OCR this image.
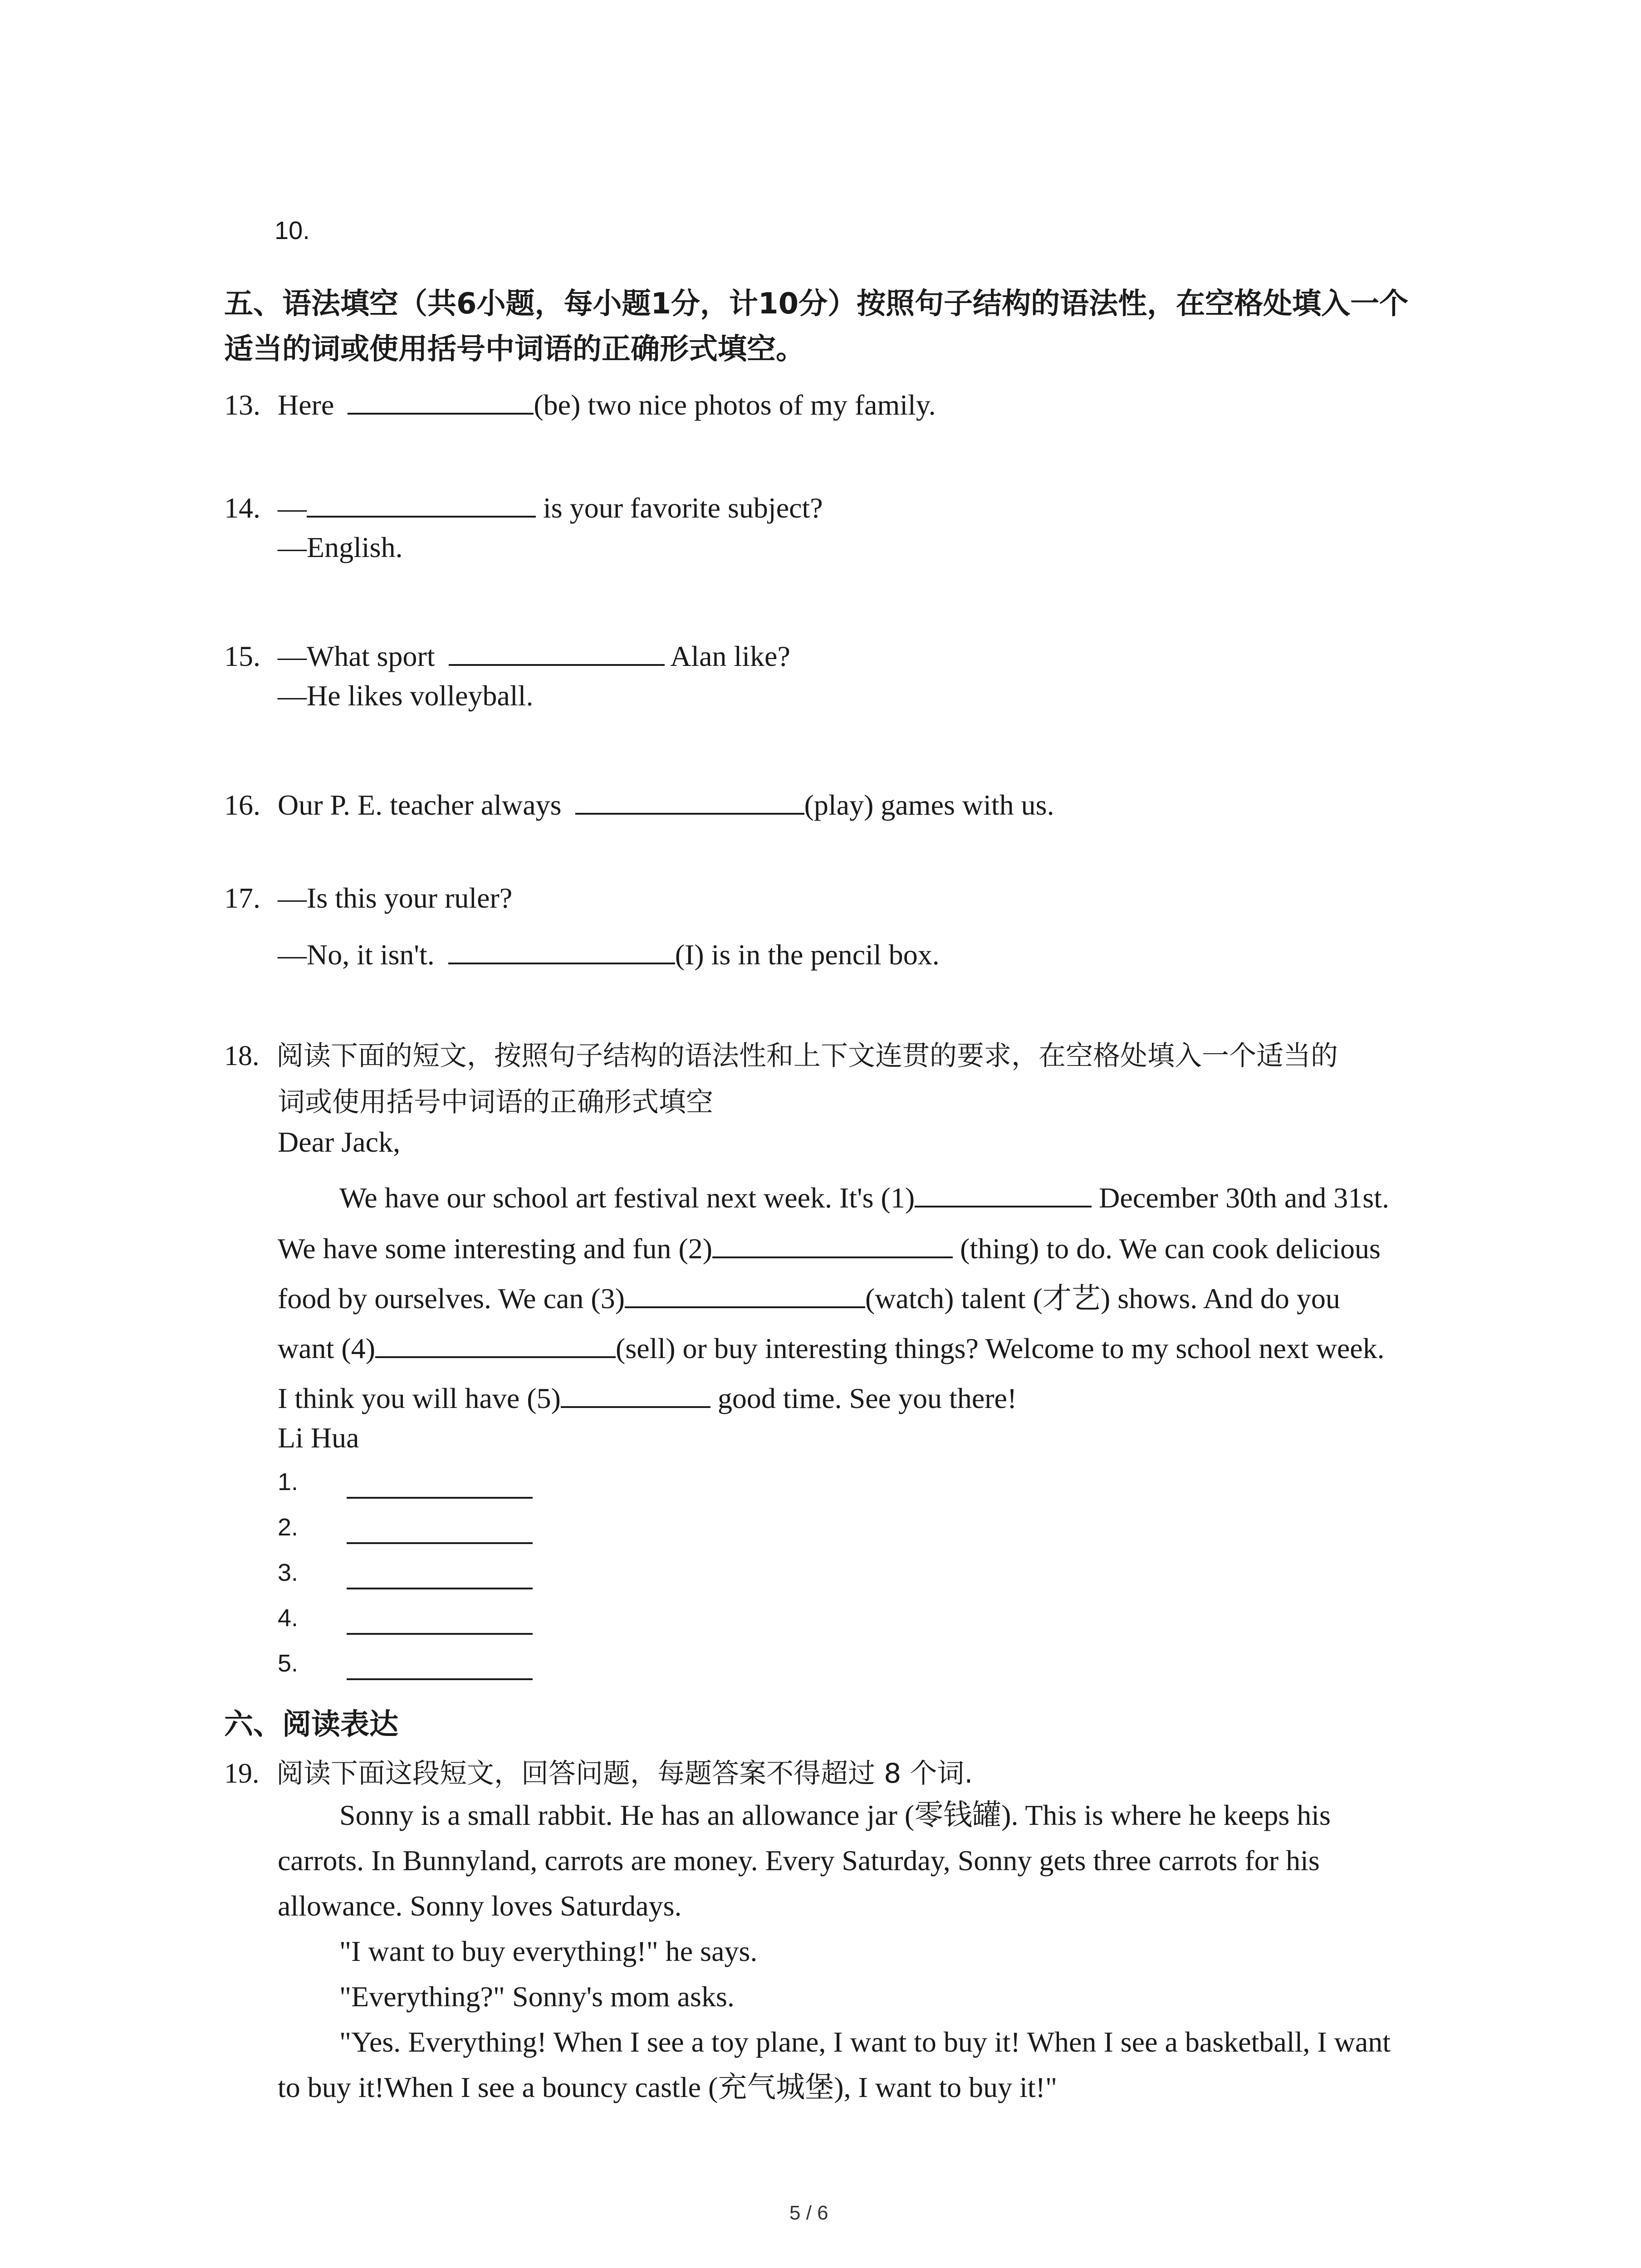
10.
五、语法填空（共6小题，每小题1分，计10分）按照句子结构的语法性，在空格处填入一个
适当的词或使用括号中词语的正确形式填空。
13. Here	(be) two nice photos of my family.
14. —	is your favorite subject?
—English.
15. —What sport	Alan like?
—He likes volleyball.
16. Our P. E. teacher always	(play) games with us.
17. —Is this your ruler?
—No, it isn't.	(I) is in the pencil box.
18. 阅读下面的短文，按照句子结构的语法性和上下文连贯的要求，在空格处填入一个适当的
词或使用括号中词语的正确形式填空
Dear Jack,
We have our school art festival next week. It's (1)	December 30th and 31st.
We have some interesting and fun (2)	(thing) to do. We can cook delicious
food by ourselves. We can (3)	(watch) talent (才艺) shows. And do you
want (4)	(sell) or buy interesting things? Welcome to my school next week.
I think you will have (5)	good time. See you there!
Li Hua
1.
2.
3.
4.
5.
六、阅读表达
19. 阅读下面这段短文，回答问题，每题答案不得超过 8 个词.
Sonny is a small rabbit. He has an allowance jar (零钱罐). This is where he keeps his
carrots. In Bunnyland, carrots are money. Every Saturday, Sonny gets three carrots for his
allowance. Sonny loves Saturdays.
"I want to buy everything!" he says.
"Everything?" Sonny's mom asks.
"Yes. Everything! When I see a toy plane, I want to buy it! When I see a basketball, I want
to buy it!When I see a bouncy castle (充气城堡), I want to buy it!"
5 / 6
